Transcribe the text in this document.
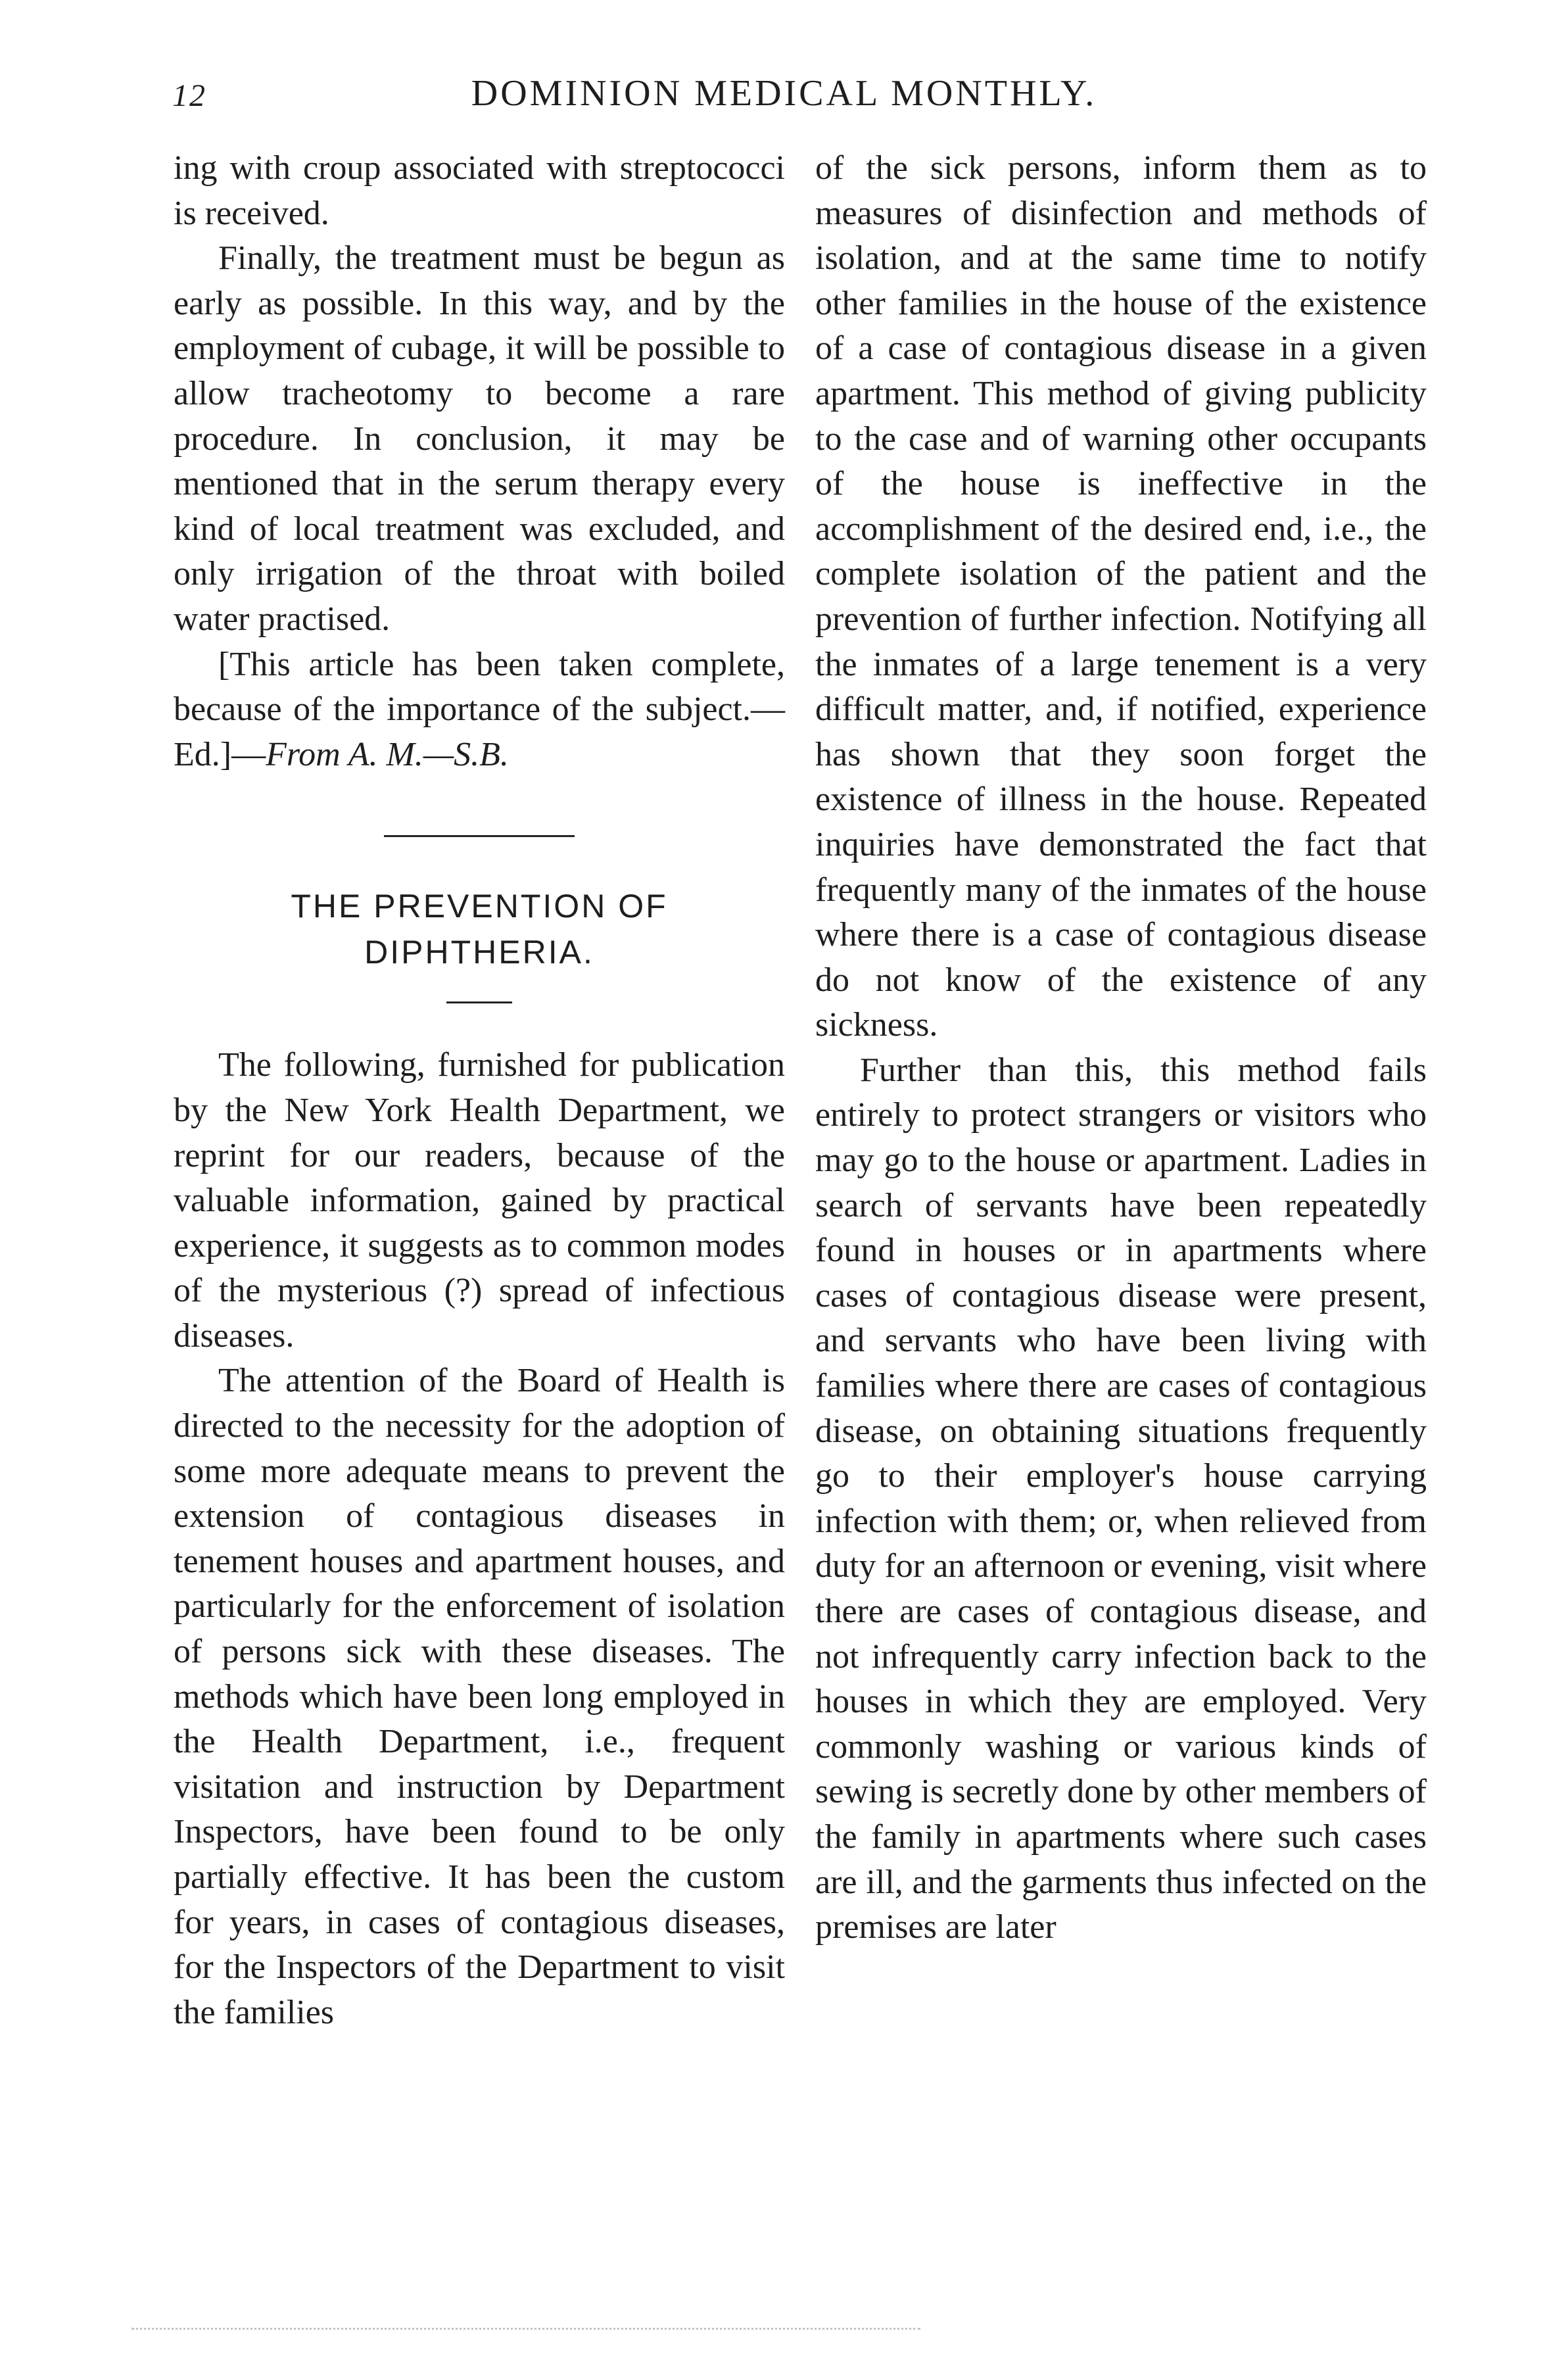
12	DOMINION MEDICAL MONTHLY.

ing with croup associated with streptococci is received.

Finally, the treatment must be begun as early as possible. In this way, and by the employment of cubage, it will be possible to allow tracheotomy to become a rare procedure. In conclusion, it may be mentioned that in the serum therapy every kind of local treatment was excluded, and only irrigation of the throat with boiled water practised.

[This article has been taken complete, because of the importance of the subject.—Ed.]—From A. M.—S.B.

THE PREVENTION OF DIPHTHERIA.

The following, furnished for publication by the New York Health Department, we reprint for our readers, because of the valuable information, gained by practical experience, it suggests as to common modes of the mysterious (?) spread of infectious diseases.

The attention of the Board of Health is directed to the necessity for the adoption of some more adequate means to prevent the extension of contagious diseases in tenement houses and apartment houses, and particularly for the enforcement of isolation of persons sick with these diseases. The methods which have been long employed in the Health Department, i.e., frequent visitation and instruction by Department Inspectors, have been found to be only partially effective. It has been the custom for years, in cases of contagious diseases, for the Inspectors of the Department to visit the families

of the sick persons, inform them as to measures of disinfection and methods of isolation, and at the same time to notify other families in the house of the existence of a case of contagious disease in a given apartment. This method of giving publicity to the case and of warning other occupants of the house is ineffective in the accomplishment of the desired end, i.e., the complete isolation of the patient and the prevention of further infection. Notifying all the inmates of a large tenement is a very difficult matter, and, if notified, experience has shown that they soon forget the existence of illness in the house. Repeated inquiries have demonstrated the fact that frequently many of the inmates of the house where there is a case of contagious disease do not know of the existence of any sickness.

Further than this, this method fails entirely to protect strangers or visitors who may go to the house or apartment. Ladies in search of servants have been repeatedly found in houses or in apartments where cases of contagious disease were present, and servants who have been living with families where there are cases of contagious disease, on obtaining situations frequently go to their employer's house carrying infection with them; or, when relieved from duty for an afternoon or evening, visit where there are cases of contagious disease, and not infrequently carry infection back to the houses in which they are employed. Very commonly washing or various kinds of sewing is secretly done by other members of the family in apartments where such cases are ill, and the garments thus infected on the premises are later
